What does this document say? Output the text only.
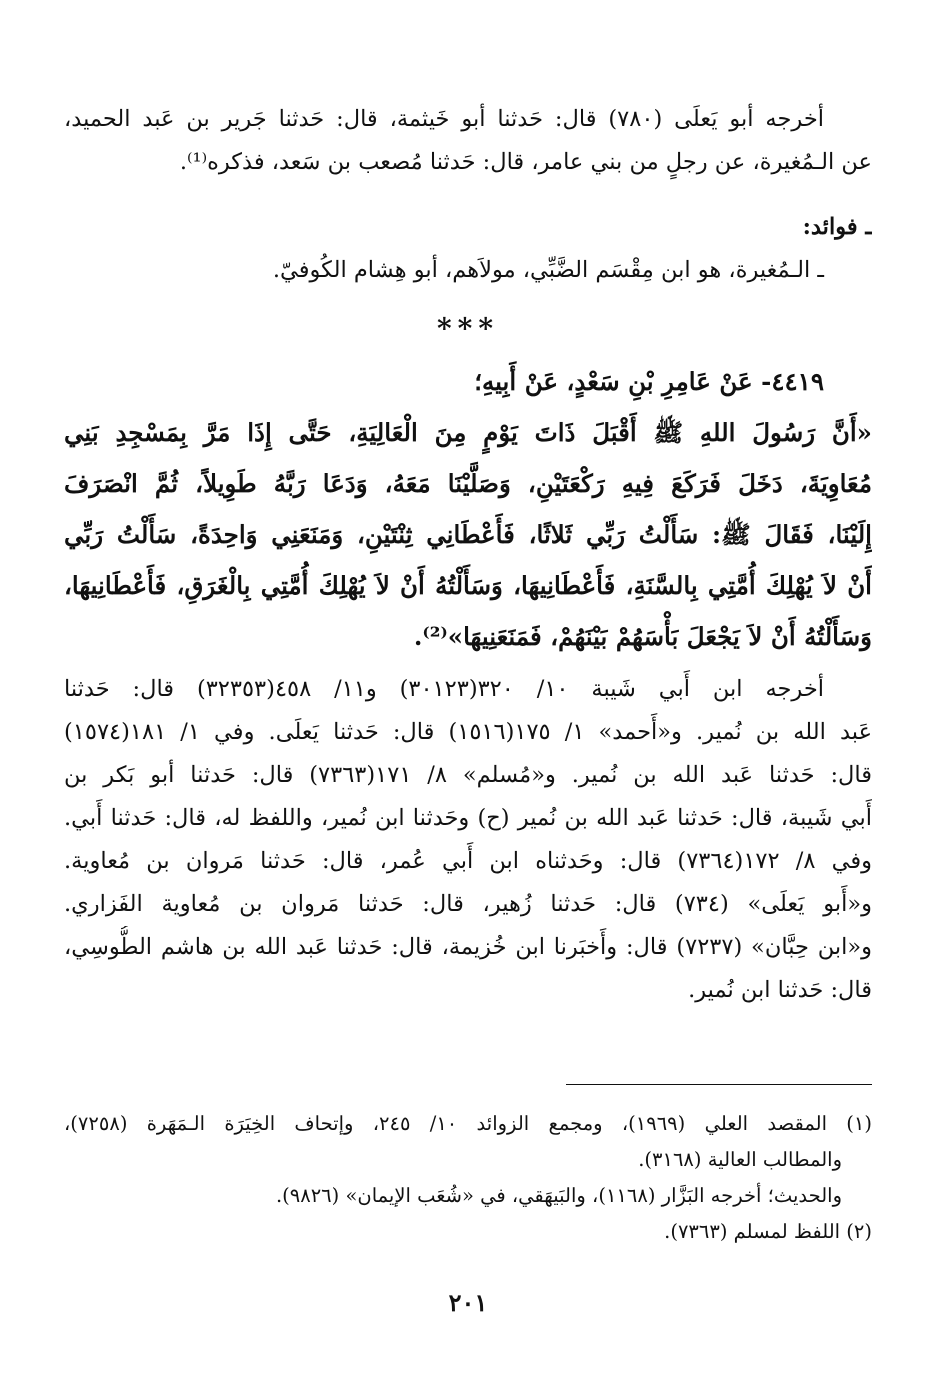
أخرجه أبو يَعلَى (٧٨٠) قال: حَدثنا أبو خَيثمة، قال: حَدثنا جَرير بن عَبد الحميد،
عن الـمُغيرة، عن رجلٍ من بني عامر، قال: حَدثنا مُصعب بن سَعد، فذكره⁽¹⁾.
ـ فوائد:
ـ الـمُغيرة، هو ابن مِقْسَم الضَّبِّي، مولاَهم، أبو هِشام الكُوفيّ.
***
٤٤١٩- عَنْ عَامِرِ بْنِ سَعْدٍ، عَنْ أَبِيهِ؛
«أَنَّ رَسُولَ اللهِ ﷺ أَقْبَلَ ذَاتَ يَوْمٍ مِنَ الْعَالِيَةِ، حَتَّى إِذَا مَرَّ بِمَسْجِدِ بَنِي
مُعَاوِيَةَ، دَخَلَ فَرَكَعَ فِيهِ رَكْعَتَيْنِ، وَصَلَّيْنَا مَعَهُ، وَدَعَا رَبَّهُ طَوِيلاً، ثُمَّ انْصَرَفَ
إِلَيْنَا، فَقَالَ ﷺ: سَأَلْتُ رَبِّي ثَلاثًا، فَأَعْطَانِي ثِنْتَيْنِ، وَمَنَعَنِي وَاحِدَةً، سَأَلْتُ رَبِّي
أَنْ لاَ يُهْلِكَ أُمَّتِي بِالسَّنَةِ، فَأَعْطَانِيهَا، وَسَأَلْتُهُ أَنْ لاَ يُهْلِكَ أُمَّتِي بِالْغَرَقِ، فَأَعْطَانِيهَا،
وَسَأَلْتُهُ أَنْ لاَ يَجْعَلَ بَأْسَهُمْ بَيْنَهُمْ، فَمَنَعَنِيهَا»⁽²⁾.
أخرجه ابن أَبي شَيبة ١٠/ ٣٢٠(٣٠١٢٣) و١١/ ٤٥٨(٣٢٣٥٣) قال: حَدثنا
عَبد الله بن نُمير. و«أَحمد» ١/ ١٧٥(١٥١٦) قال: حَدثنا يَعلَى. وفي ١/ ١٨١(١٥٧٤)
قال: حَدثنا عَبد الله بن نُمير. و«مُسلم» ٨/ ١٧١(٧٣٦٣) قال: حَدثنا أبو بَكر بن
أَبي شَيبة، قال: حَدثنا عَبد الله بن نُمير (ح) وحَدثنا ابن نُمير، واللفظ له، قال: حَدثنا أَبي.
وفي ٨/ ١٧٢(٧٣٦٤) قال: وحَدثناه ابن أَبي عُمر، قال: حَدثنا مَروان بن مُعاوية.
و«أَبو يَعلَى» (٧٣٤) قال: حَدثنا زُهير، قال: حَدثنا مَروان بن مُعاوية الفَزاري.
و«ابن حِبَّان» (٧٢٣٧) قال: وأَخبَرنا ابن خُزيمة، قال: حَدثنا عَبد الله بن هاشم الطُّوسِي،
قال: حَدثنا ابن نُمير.
(١) المقصد العلي (١٩٦٩)، ومجمع الزوائد ١٠/ ٢٤٥، وإتحاف الخِيَرَة الـمَهَرة (٧٢٥٨)،
والمطالب العالية (٣١٦٨).
والحديث؛ أخرجه البَزَّار (١١٦٨)، والبَيهَقي، في «شُعَب الإيمان» (٩٨٢٦).
(٢) اللفظ لمسلم (٧٣٦٣).
٢٠١
